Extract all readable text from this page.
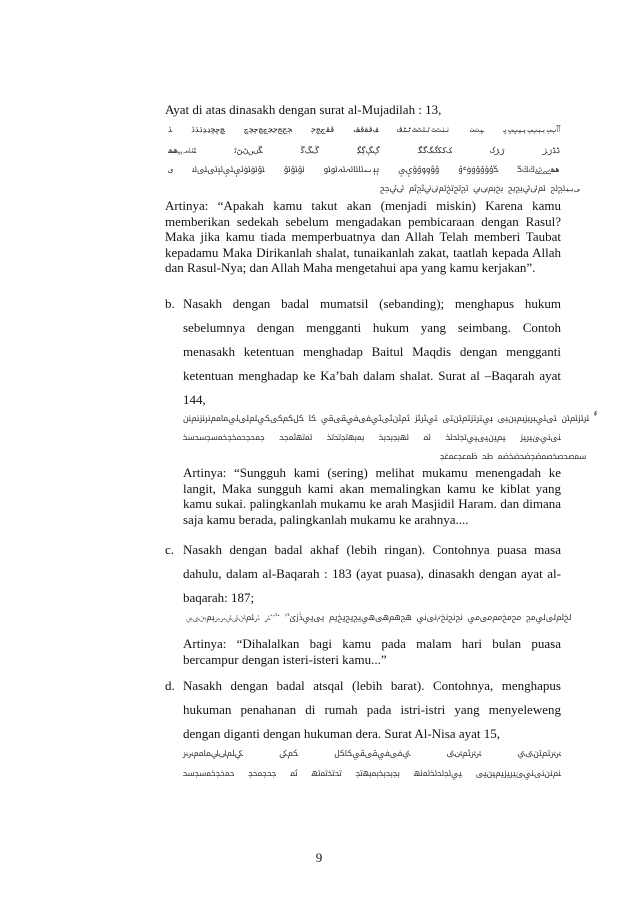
Ayat di atas dinasakh dengan surat al-Mujadilah : 13,
ﭐﭑﭒﭓﭔﭕﭖﭗﭘﭙﭚﭛﭜ ﭝﭞﭟ ﭠﭡﭢﭣﭤﭥﭦﭧﭨﭩﭪ ﭫﭬﭭﭮﭯ ﭰﭱﭲﭳﭴ ﭵﭶﭷﭸﭹﭺﭻﭼﭽﭾ ﭿﮀﮁﮂﮃﮄﮅﮆ ﮇ
ﮈﮉﮊﮋ ﮌﮍﮎ ﮏﮐﮑﮒﮓﮔﮕ ﮖﮗﮘﮙ ﮚﮛﮜ ﮝﮞﮟﮠﮡﮢ ﮣﮤﮥﮦﮧﮨﮩﮪﮫ
ﮬﮭﮮﮯﮰﮱﯓﯔﯕ ﯖﯗﯘﯙﯚﯛﯜﯝ ﯞﯟﯠﯡﯢﯣﯤﯥ ﯦﯧﯨﯩﯪﯫﯬﯭﯮﯯ ﯰﯱﯲ ﯳﯴﯵﯶﯷﯸﯹﯺﯻ ﯼ
ﯽﯾﯿﰀﰁ ﰂﰃﰄﰅﰆ ﰇﰈﰉﰊ ﰋﰌﰍﰎﰏﰐﰑﰒ ﰓﰔﰕ
Artinya: “Apakah kamu takut akan (menjadi miskin) Karena kamu memberikan sedekah sebelum mengadakan pembicaraan dengan Rasul? Maka jika kamu tiada memperbuatnya dan Allah Telah memberi Taubat kepadamu Maka Dirikanlah shalat, tunaikanlah zakat, taatlah kepada Allah dan Rasul-Nya; dan Allah Maha mengetahui apa yang kamu kerjakan”.
b. Nasakh dengan badal mumatsil (sebanding); menghapus hukum
sebelumnya dengan mengganti hukum yang seimbang. Contoh
menasakh ketentuan menghadap Baitul Maqdis dengan mengganti
ketentuan menghadap ke Ka’bah dalam shalat. Surat al –Baqarah ayat
144,
ﱡﱢﱣ ﱤﱥﱦﱧ ﱨﱩﱪﱫﱬﱭﱮ ﱯﱰﱱﱲﱳﱴ ﱵﱶﱷ ﱸﱹﱺﱻﱼﱽﱾﱿ ﲀ ﲁﲂﲃﲄﲅﲆﲇﲈﲉﲊﲋﲌﲍ
ﲎﲏﲐﲑﲒ ﲓﲔﲕﲖﲗﲘﲙ ﲚ ﲛﲜﲝﲞ ﲟﲠﲡﲢﲣ ﲤﲥﲦﲧ ﲨﲩﲪﲫﲬﲭﲮﲯ
ﲰﲱﲲﲳﲴﲵﲶﲷ ﲸ ﲹﲺﲻﲼ
Artinya: “Sungguh kami (sering) melihat mukamu menengadah ke langit, Maka sungguh kami akan memalingkan kamu ke kiblat yang kamu sukai. palingkanlah mukamu ke arah Masjidil Haram. dan dimana saja kamu berada, palingkanlah mukamu ke arahnya....
c. Nasakh dengan badal akhaf (lebih ringan). Contohnya puasa masa
dahulu, dalam al-Baqarah : 183 (ayat puasa), dinasakh dengan ayat al-
baqarah: 187;
ﱁﱂﱃﱄﱅ ﱆﱇﱈﱉﱊ ﱋﱌﱍﱎﱏﱐ ﱑﱒﱓﱔﱕﱖﱗﱘ ﱙﱚﱛﱜﱝﱞﱟ ﱠﱡﱢﱣﱤ ﱥﱦﱧﱨﱩﱪﱫﱬﱭﱮﱯ
Artinya: “Dihalalkan bagi kamu pada malam hari bulan puasa bercampur dengan isteri-isteri kamu...”
d. Nasakh dengan badal atsqal (lebih barat). Contohnya, menghapus
hukuman penahanan di rumah pada istri-istri yang menyeleweng
dengan diganti dengan hukuman dera. Surat Al-Nisa ayat 15,
ﱰﱱﱲﱳﱴﱵ ﱶﱷﱸﱹﱺ ﱻﱼﱽﱾﱿﲀﲁ ﲂﲃ ﲄﲅﲆﲇﲈﲉﲊﲋ
ﲌﲍﲎﲏﲐﲑﲒﲓﲔﲕ ﲖﲗﲘﲙﲚﲛ ﲜﲝﲞﲟﲠﲡ ﲢﲣﲤﲥ ﲦ ﲧﲨﲩ ﲪﲫﲬﲭﲮ
9
